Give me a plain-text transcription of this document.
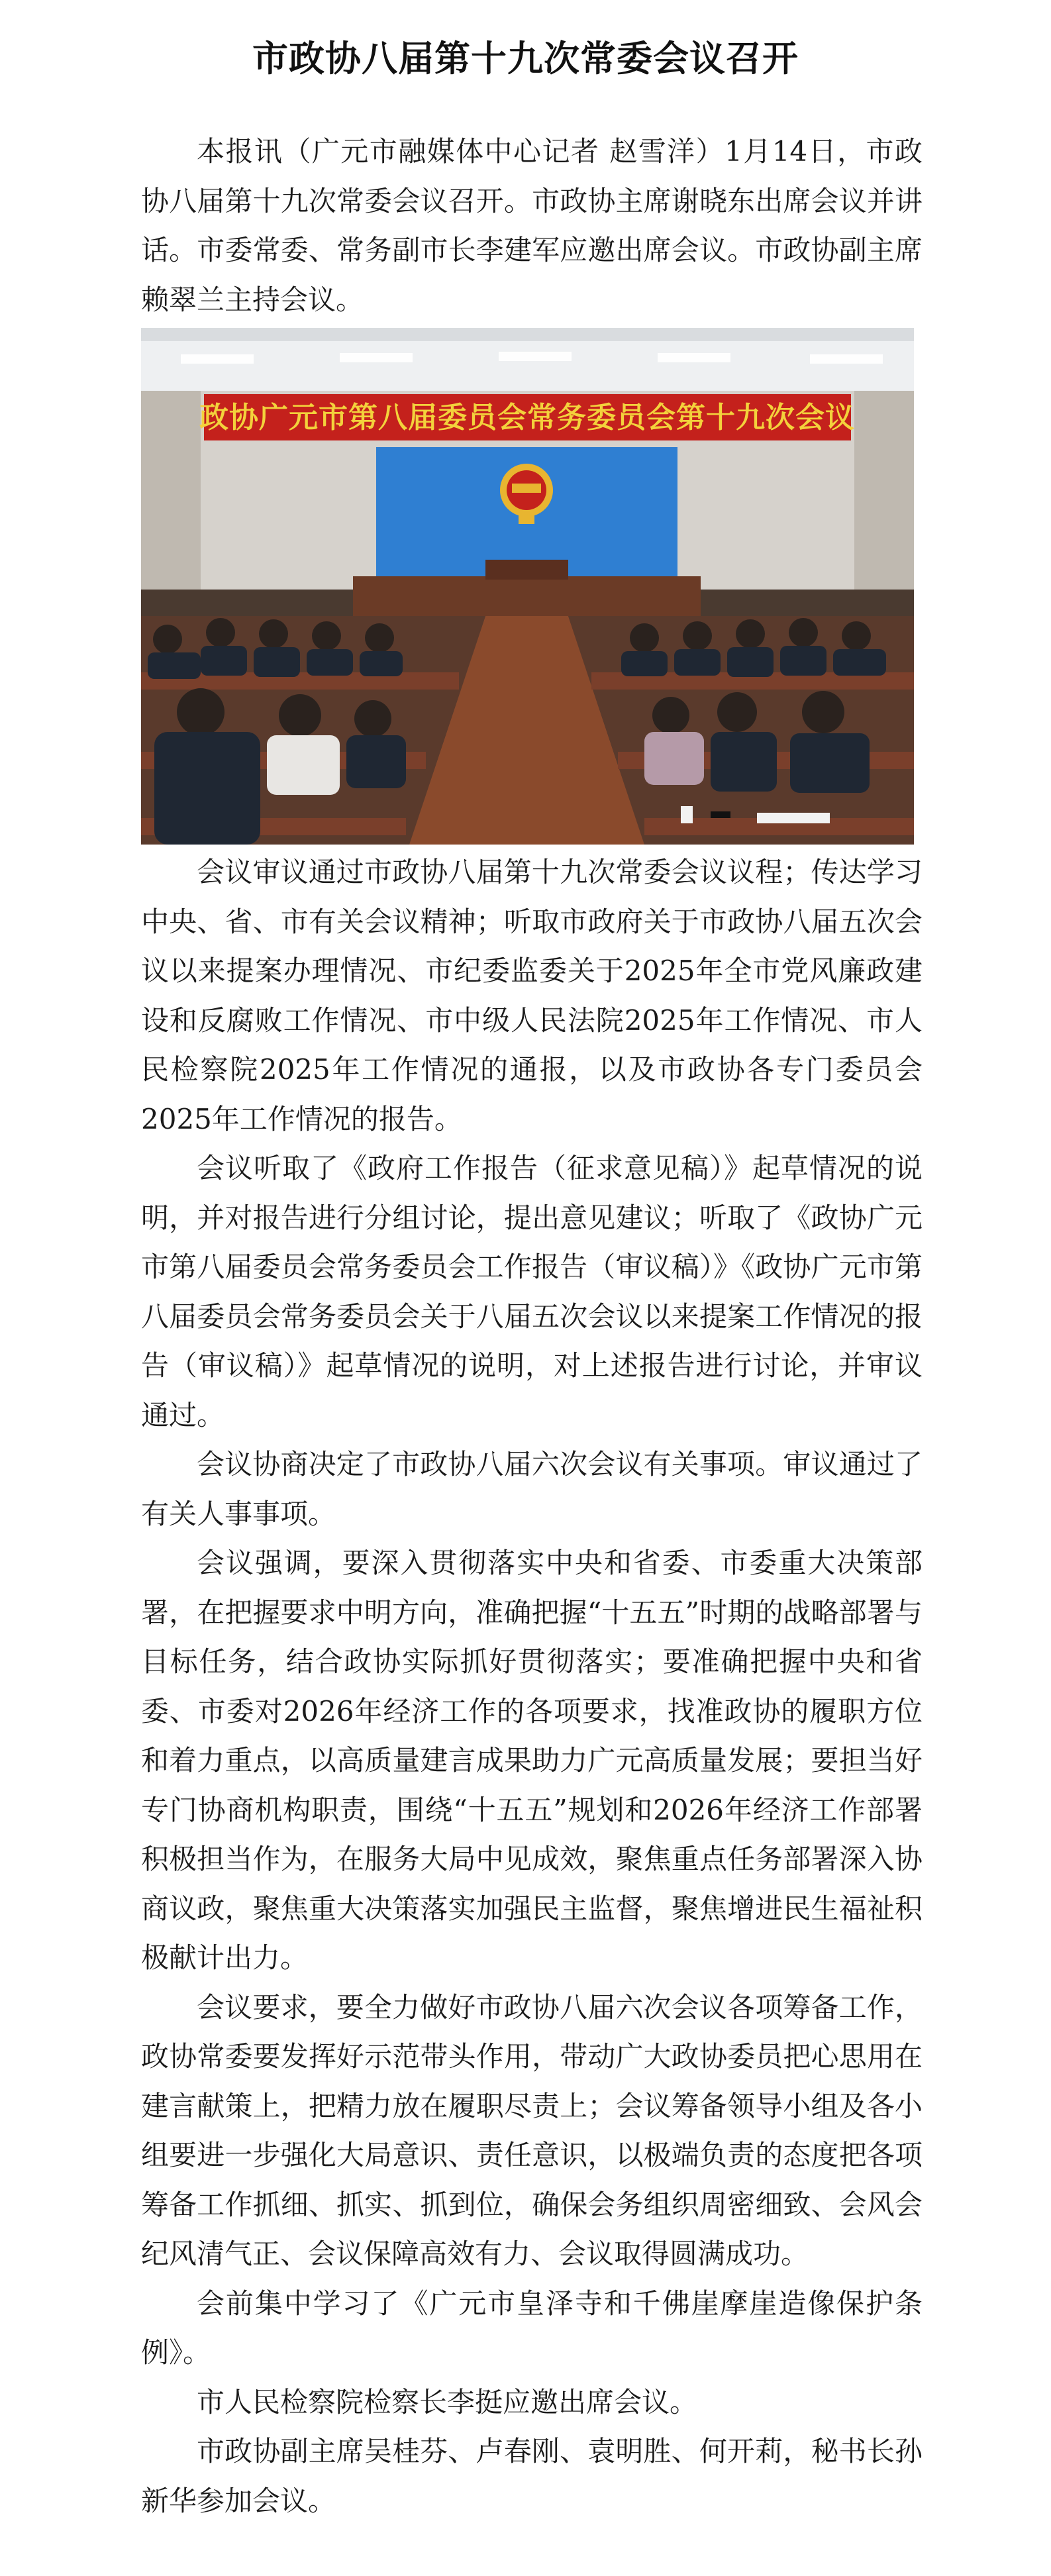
市政协八届第十九次常委会议召开

本报讯（广元市融媒体中心记者 赵雪洋）1月14日，市政协八届第十九次常委会议召开。市政协主席谢晓东出席会议并讲话。市委常委、常务副市长李建军应邀出席会议。市政协副主席赖翠兰主持会议。

政协广元市第八届委员会常务委员会第十九次会议

会议审议通过市政协八届第十九次常委会议议程；传达学习中央、省、市有关会议精神；听取市政府关于市政协八届五次会议以来提案办理情况、市纪委监委关于2025年全市党风廉政建设和反腐败工作情况、市中级人民法院2025年工作情况、市人民检察院2025年工作情况的通报，以及市政协各专门委员会2025年工作情况的报告。

会议听取了《政府工作报告（征求意见稿）》起草情况的说明，并对报告进行分组讨论，提出意见建议；听取了《政协广元市第八届委员会常务委员会工作报告（审议稿）》《政协广元市第八届委员会常务委员会关于八届五次会议以来提案工作情况的报告（审议稿）》起草情况的说明，对上述报告进行讨论，并审议通过。

会议协商决定了市政协八届六次会议有关事项。审议通过了有关人事事项。

会议强调，要深入贯彻落实中央和省委、市委重大决策部署，在把握要求中明方向，准确把握“十五五”时期的战略部署与目标任务，结合政协实际抓好贯彻落实；要准确把握中央和省委、市委对2026年经济工作的各项要求，找准政协的履职方位和着力重点，以高质量建言成果助力广元高质量发展；要担当好专门协商机构职责，围绕“十五五”规划和2026年经济工作部署积极担当作为，在服务大局中见成效，聚焦重点任务部署深入协商议政，聚焦重大决策落实加强民主监督，聚焦增进民生福祉积极献计出力。

会议要求，要全力做好市政协八届六次会议各项筹备工作，政协常委要发挥好示范带头作用，带动广大政协委员把心思用在建言献策上，把精力放在履职尽责上；会议筹备领导小组及各小组要进一步强化大局意识、责任意识，以极端负责的态度把各项筹备工作抓细、抓实、抓到位，确保会务组织周密细致、会风会纪风清气正、会议保障高效有力、会议取得圆满成功。

会前集中学习了《广元市皇泽寺和千佛崖摩崖造像保护条例》。

市人民检察院检察长李挺应邀出席会议。

市政协副主席吴桂芬、卢春刚、袁明胜、何开莉，秘书长孙新华参加会议。
